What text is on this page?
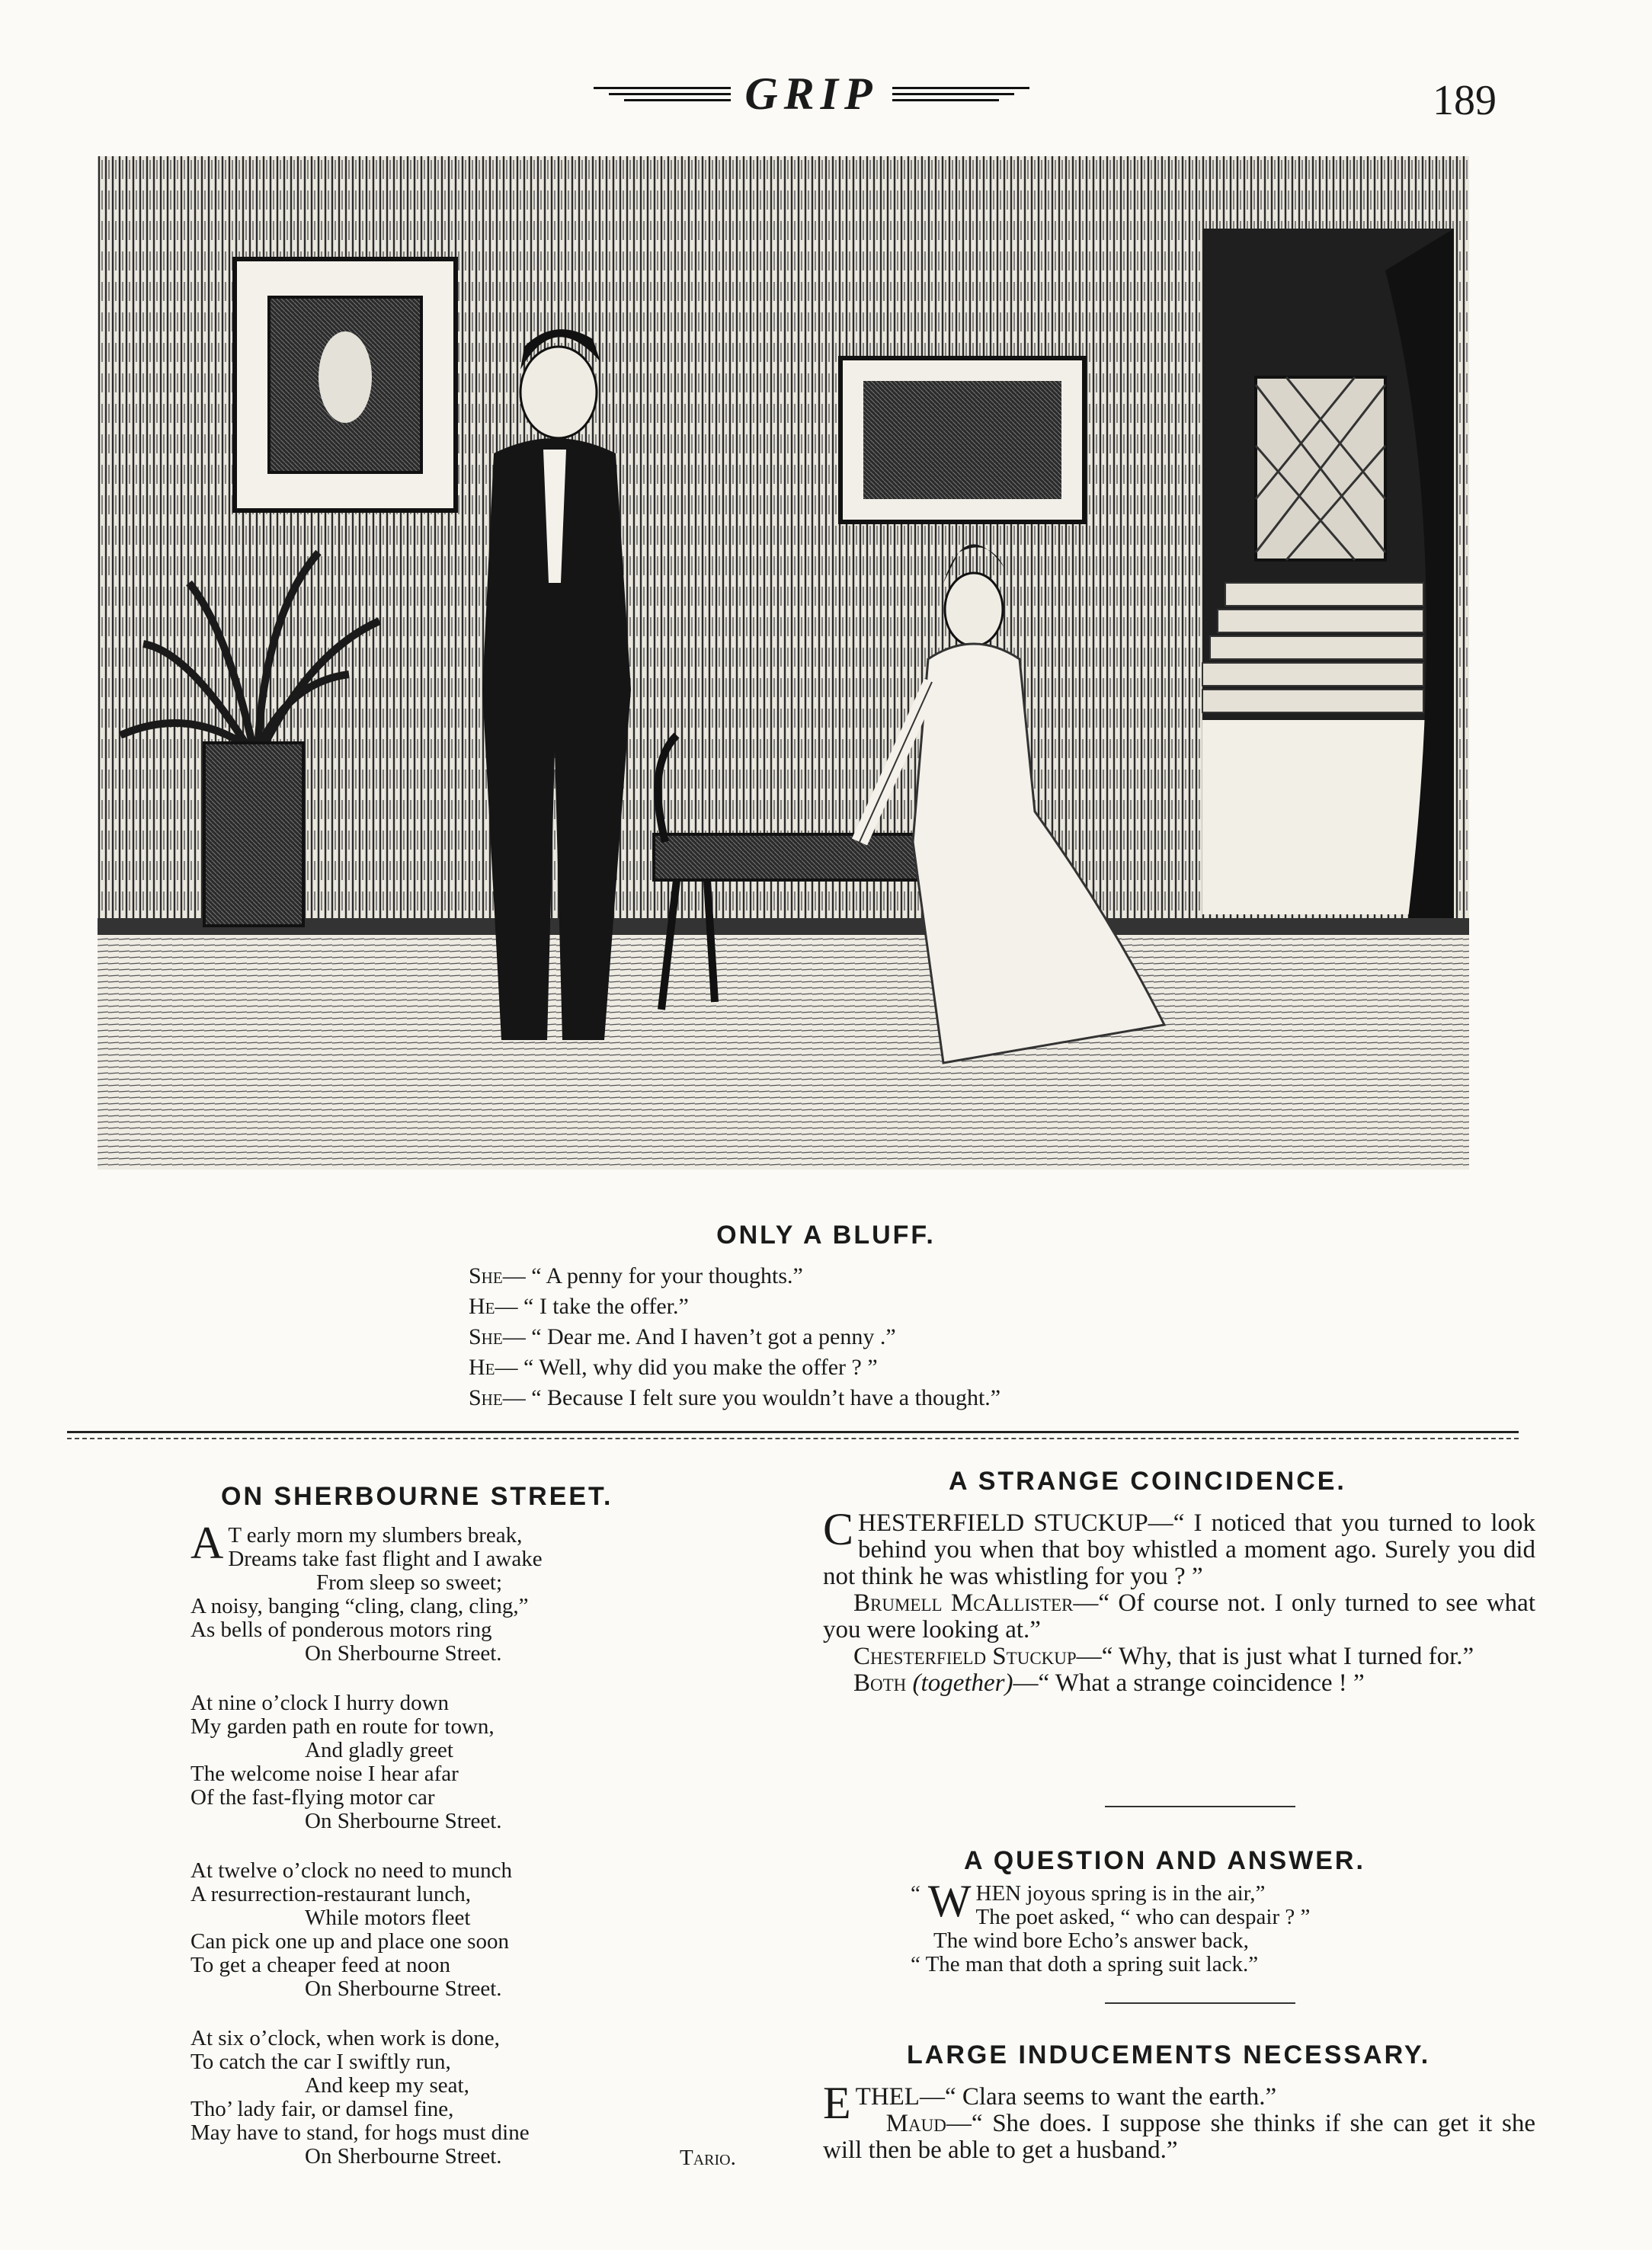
GRIP	189
ONLY A BLUFF.
She— “ A penny for your thoughts.”
He— “ I take the offer.”
She— “ Dear me. And I haven’t got a penny .”
He— “ Well, why did you make the offer ? ”
She— “ Because I felt sure you wouldn’t have a thought.”
ON SHERBOURNE STREET.
A T early morn my slumbers break,
Dreams take fast flight and I awake
From sleep so sweet;
A noisy, banging “cling, clang, cling,”
As bells of ponderous motors ring
On Sherbourne Street.
At nine o’clock I hurry down
My garden path en route for town,
And gladly greet
The welcome noise I hear afar
Of the fast-flying motor car
On Sherbourne Street.
At twelve o’clock no need to munch
A resurrection-restaurant lunch,
While motors fleet
Can pick one up and place one soon
To get a cheaper feed at noon
On Sherbourne Street.
At six o’clock, when work is done,
To catch the car I swiftly run,
And keep my seat,
Tho’ lady fair, or damsel fine,
May have to stand, for hogs must dine
On Sherbourne Street.	Tario.
A STRANGE COINCIDENCE.

CHESTERFIELD STUCKUP—“ I noticed that you turned to look behind you when that boy whistled a moment ago. Surely you did not think he was whistling for you ? ”

Brumell McAllister—“ Of course not. I only turned to see what you were looking at.”

Chesterfield Stuckup—“ Why, that is just what I turned for.”

Both (together)—“ What a strange coincidence ! ”

A QUESTION AND ANSWER.
“ W HEN joyous spring is in the air,”
The poet asked, “ who can despair ? ”
The wind bore Echo’s answer back,
“ The man that doth a spring suit lack.”
LARGE INDUCEMENTS NECESSARY.

ETHEL—“ Clara seems to want the earth.”

Maud—“ She does. I suppose she thinks if she can get it she will then be able to get a husband.”
